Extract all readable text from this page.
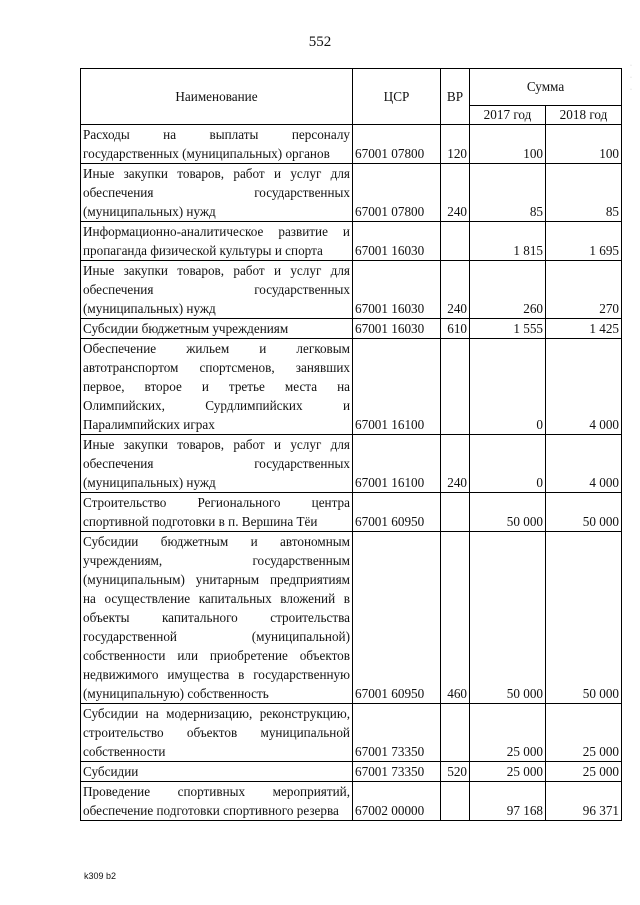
552
Наименование	ЦСР	ВР	Сумма	
			2017 год	2018 год
Расходы на выплаты персоналу государственных (муниципальных) органов	67001 07800	120	100	100
Иные закупки товаров, работ и услуг для обеспечения государственных (муниципальных) нужд	67001 07800	240	85	85
Информационно-аналитическое развитие и пропаганда физической культуры и спорта	67001 16030		1 815	1 695
Иные закупки товаров, работ и услуг для обеспечения государственных (муниципальных) нужд	67001 16030	240	260	270
Субсидии бюджетным учреждениям	67001 16030	610	1 555	1 425
Обеспечение жильем и легковым автотранспортом спортсменов, занявших первое, второе и третье места на Олимпийских, Сурдлимпийских и Паралимпийских играх	67001 16100		0	4 000
Иные закупки товаров, работ и услуг для обеспечения государственных (муниципальных) нужд	67001 16100	240	0	4 000
Строительство Регионального центра спортивной подготовки в п. Вершина Тёи	67001 60950		50 000	50 000
Субсидии бюджетным и автономным учреждениям, государственным (муниципальным) унитарным предприятиям на осуществление капитальных вложений в объекты капитального строительства государственной (муниципальной) собственности или приобретение объектов недвижимого имущества в государственную (муниципальную) собственность	67001 60950	460	50 000	50 000
Субсидии на модернизацию, реконструкцию, строительство объектов муниципальной собственности	67001 73350		25 000	25 000
Субсидии	67001 73350	520	25 000	25 000
Проведение спортивных мероприятий, обеспечение подготовки спортивного резерва	67002 00000		97 168	96 371
·
·
·
k309 b2
